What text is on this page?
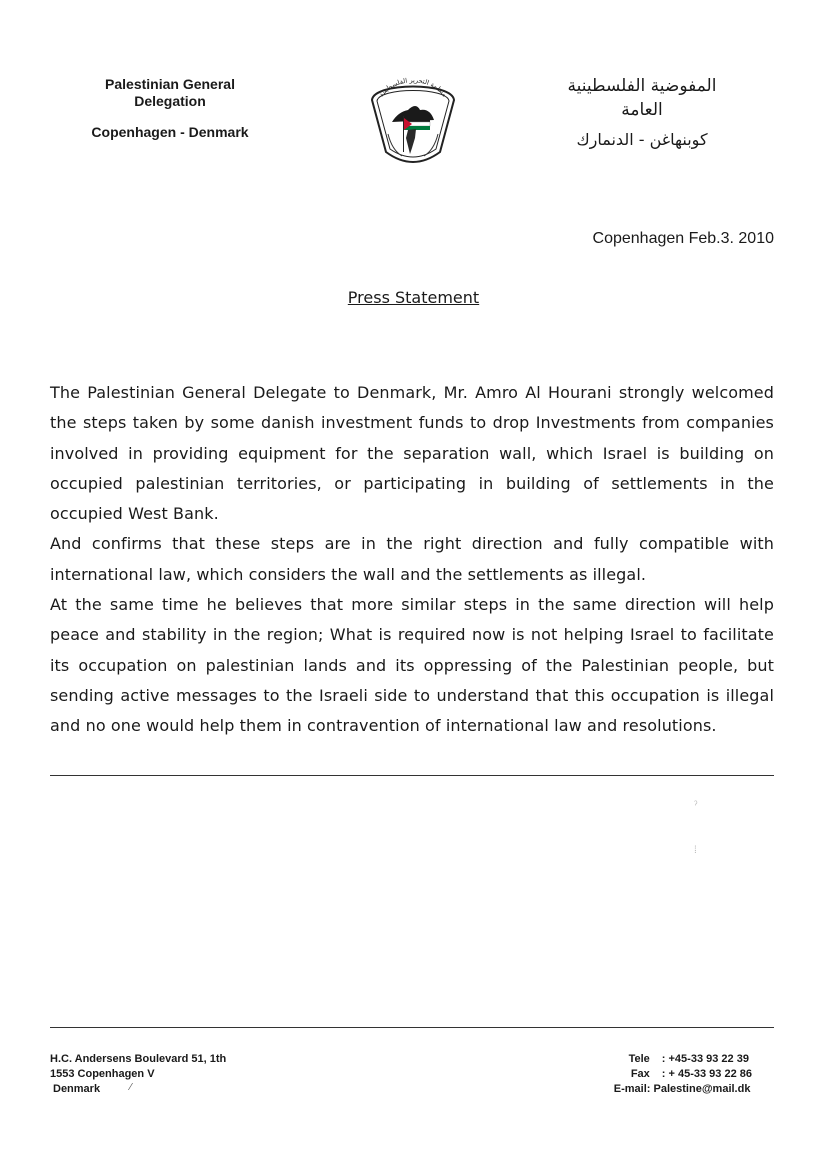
Palestinian General
Delegation
Copenhagen - Denmark
منظمة التحرير الفلسطينية	المفوضية الفلسطينية
العامة
كوبنهاغن - الدنمارك
Copenhagen Feb.3. 2010
Press Statement

The Palestinian General Delegate to Denmark, Mr. Amro Al Hourani strongly welcomed the steps taken by some danish investment funds to drop Investments from companies involved in providing equipment for the separation wall, which Israel is building on occupied palestinian territories, or participating in building of settlements in the occupied West Bank.

And confirms that these steps are in the right direction and fully compatible with international law, which considers the wall and the settlements as illegal.

At the same time he believes that more similar steps in the same direction will help peace and stability in the region; What is required now is not helping Israel to facilitate its occupation on palestinian lands and its oppressing of the Palestinian people, but sending active messages to the Israeli side to understand that this occupation is illegal and no one would help them in contravention of international law and resolutions.

H.C. Andersens Boulevard 51, 1th
1553 Copenhagen V
Denmark
Tele	: +45-33 93 22 39
Fax	: + 45-33 93 22 86
E-mail : Palestine@mail.dk
⁄
ˀ
⁞
